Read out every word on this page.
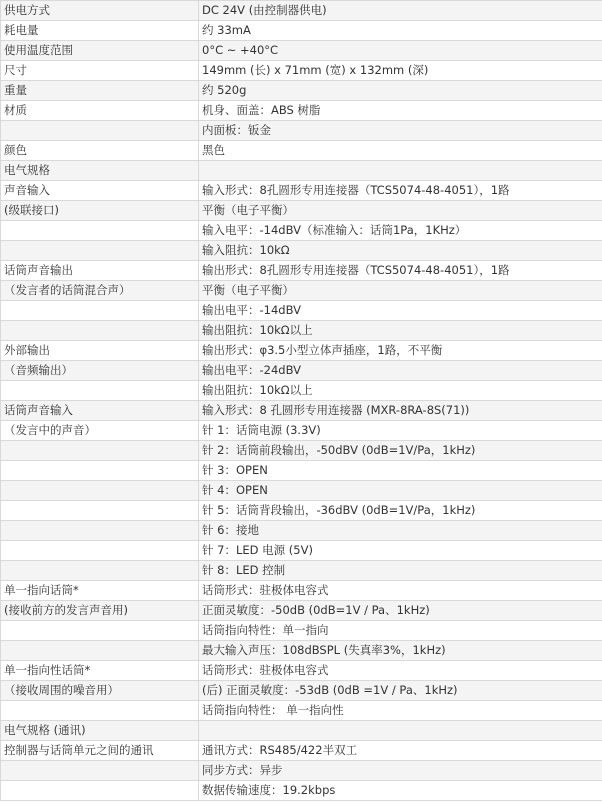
供电方式	DC 24V (由控制器供电)
耗电量	约 33mA
使用温度范围	0°C ~ +40°C
尺寸	149mm (长) x 71mm (宽) x 132mm (深)
重量	约 520g
材质	机身、面盖：ABS 树脂
	内面板：钣金
颜色	黑色
电气规格	
声音输入	输入形式：8孔圆形专用连接器（TCS5074-48-4051），1路
(级联接口)	平衡（电子平衡）
	输入电平：-14dBV（标准输入：话筒1Pa，1KHz）
	输入阻抗：10kΩ
话筒声音输出	输出形式：8孔圆形专用连接器（TCS5074-48-4051），1路
（发言者的话筒混合声）	平衡（电子平衡）
	输出电平：-14dBV
	输出阻抗：10kΩ以上
外部输出	输出形式：φ3.5小型立体声插座，1路，不平衡
（音频输出）	输出电平：-24dBV
	输出阻抗：10kΩ以上
话筒声音输入	输入形式：8 孔圆形专用连接器 (MXR-8RA-8S(71))
（发言中的声音）	针 1：话筒电源 (3.3V)
	针 2：话筒前段输出，-50dBV (0dB=1V/Pa，1kHz)
	针 3：OPEN
	针 4：OPEN
	针 5：话筒背段输出，-36dBV (0dB=1V/Pa，1kHz)
	针 6：接地
	针 7：LED 电源 (5V)
	针 8：LED 控制
单一指向话筒*	话筒形式：驻极体电容式
(接收前方的发言声音用)	正面灵敏度：-50dB (0dB=1V / Pa、1kHz)
	话筒指向特性：单一指向
	最大输入声压：108dBSPL (失真率3%，1kHz)
单一指向性话筒*	话筒形式：驻极体电容式
（接收周围的噪音用）	(后) 正面灵敏度：-53dB (0dB =1V / Pa、1kHz)
	话筒指向特性： 单一指向性
电气规格 (通讯)	
控制器与话筒单元之间的通讯	通讯方式：RS485/422半双工
	同步方式：异步
	数据传输速度：19.2kbps
